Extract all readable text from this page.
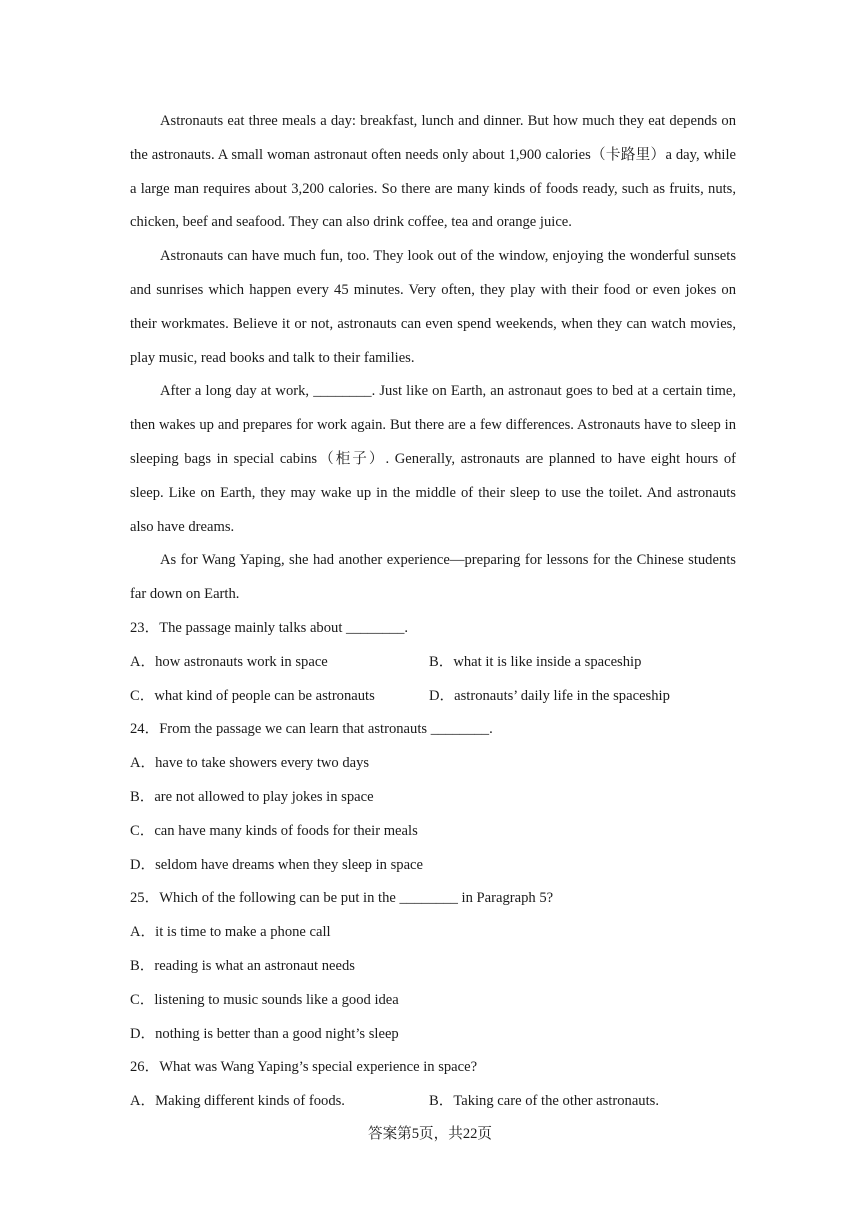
Astronauts eat three meals a day: breakfast, lunch and dinner. But how much they eat depends on the astronauts. A small woman astronaut often needs only about 1,900 calories（卡路里）a day, while a large man requires about 3,200 calories. So there are many kinds of foods ready, such as fruits, nuts, chicken, beef and seafood. They can also drink coffee, tea and orange juice.

Astronauts can have much fun, too. They look out of the window, enjoying the wonderful sunsets and sunrises which happen every 45 minutes. Very often, they play with their food or even jokes on their workmates. Believe it or not, astronauts can even spend weekends, when they can watch movies, play music, read books and talk to their families.

After a long day at work, ________. Just like on Earth, an astronaut goes to bed at a certain time, then wakes up and prepares for work again. But there are a few differences. Astronauts have to sleep in sleeping bags in special cabins（柜子）. Generally, astronauts are planned to have eight hours of sleep. Like on Earth, they may wake up in the middle of their sleep to use the toilet. And astronauts also have dreams.

As for Wang Yaping, she had another experience—preparing for lessons for the Chinese students far down on Earth.

23．The passage mainly talks about ________.

A．how astronauts work in space	B．what it is like inside a spaceship
C．what kind of people can be astronauts	D．astronauts’ daily life in the spaceship

24．From the passage we can learn that astronauts ________.

A．have to take showers every two days
B．are not allowed to play jokes in space
C．can have many kinds of foods for their meals
D．seldom have dreams when they sleep in space

25．Which of the following can be put in the ________ in Paragraph 5?

A．it is time to make a phone call
B．reading is what an astronaut needs
C．listening to music sounds like a good idea
D．nothing is better than a good night’s sleep

26．What was Wang Yaping’s special experience in space?

A．Making different kinds of foods.	B．Taking care of the other astronauts.
答案第5页，共22页
